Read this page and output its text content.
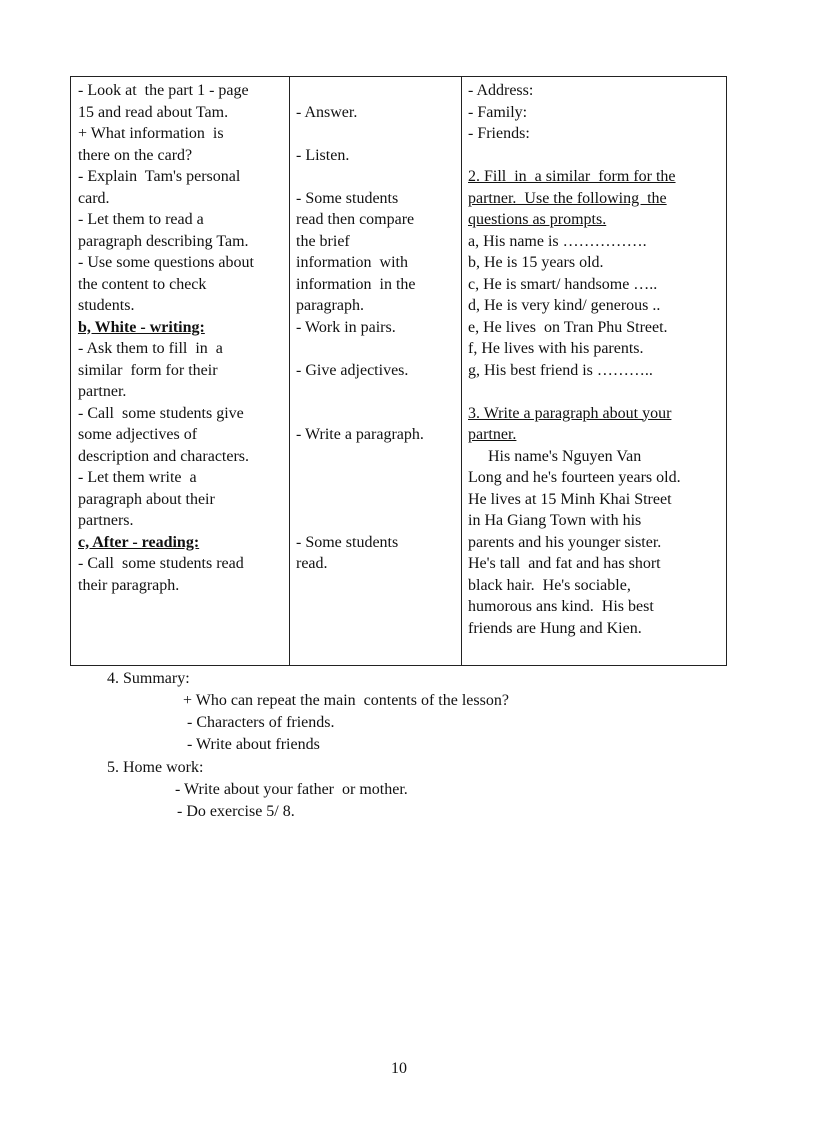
- Look at  the part 1 - page
15 and read about Tam.
+ What information  is
there on the card?
- Explain  Tam's personal
card.
- Let them to read a
paragraph describing Tam.
- Use some questions about
the content to check
students.
b, White - writing:
- Ask them to fill  in  a
similar  form for their
partner.
- Call  some students give
some adjectives of
description and characters.
- Let them write  a
paragraph about their
partners.
c, After - reading:
- Call  some students read
their paragraph.
- Answer.
- Listen.
- Some students
read then compare
the brief
information  with
information  in the
paragraph.
- Work in pairs.
- Give adjectives.
- Write a paragraph.
- Some students
read.
- Address:
- Family:
- Friends:
2. Fill  in  a similar  form for the
partner.  Use the following  the
questions as prompts.
a, His name is …………….
b, He is 15 years old.
c, He is smart/ handsome …..
d, He is very kind/ generous ..
e, He lives  on Tran Phu Street.
f, He lives with his parents.
g, His best friend is ………..
3. Write a paragraph about your
partner.
His name's Nguyen Van
Long and he's fourteen years old.
He lives at 15 Minh Khai Street
in Ha Giang Town with his
parents and his younger sister.
He's tall  and fat and has short
black hair.  He's sociable,
humorous ans kind.  His best
friends are Hung and Kien.
4. Summary:
+ Who can repeat the main  contents of the lesson?
- Characters of friends.
- Write about friends
5. Home work:
- Write about your father  or mother.
- Do exercise 5/ 8.
10
